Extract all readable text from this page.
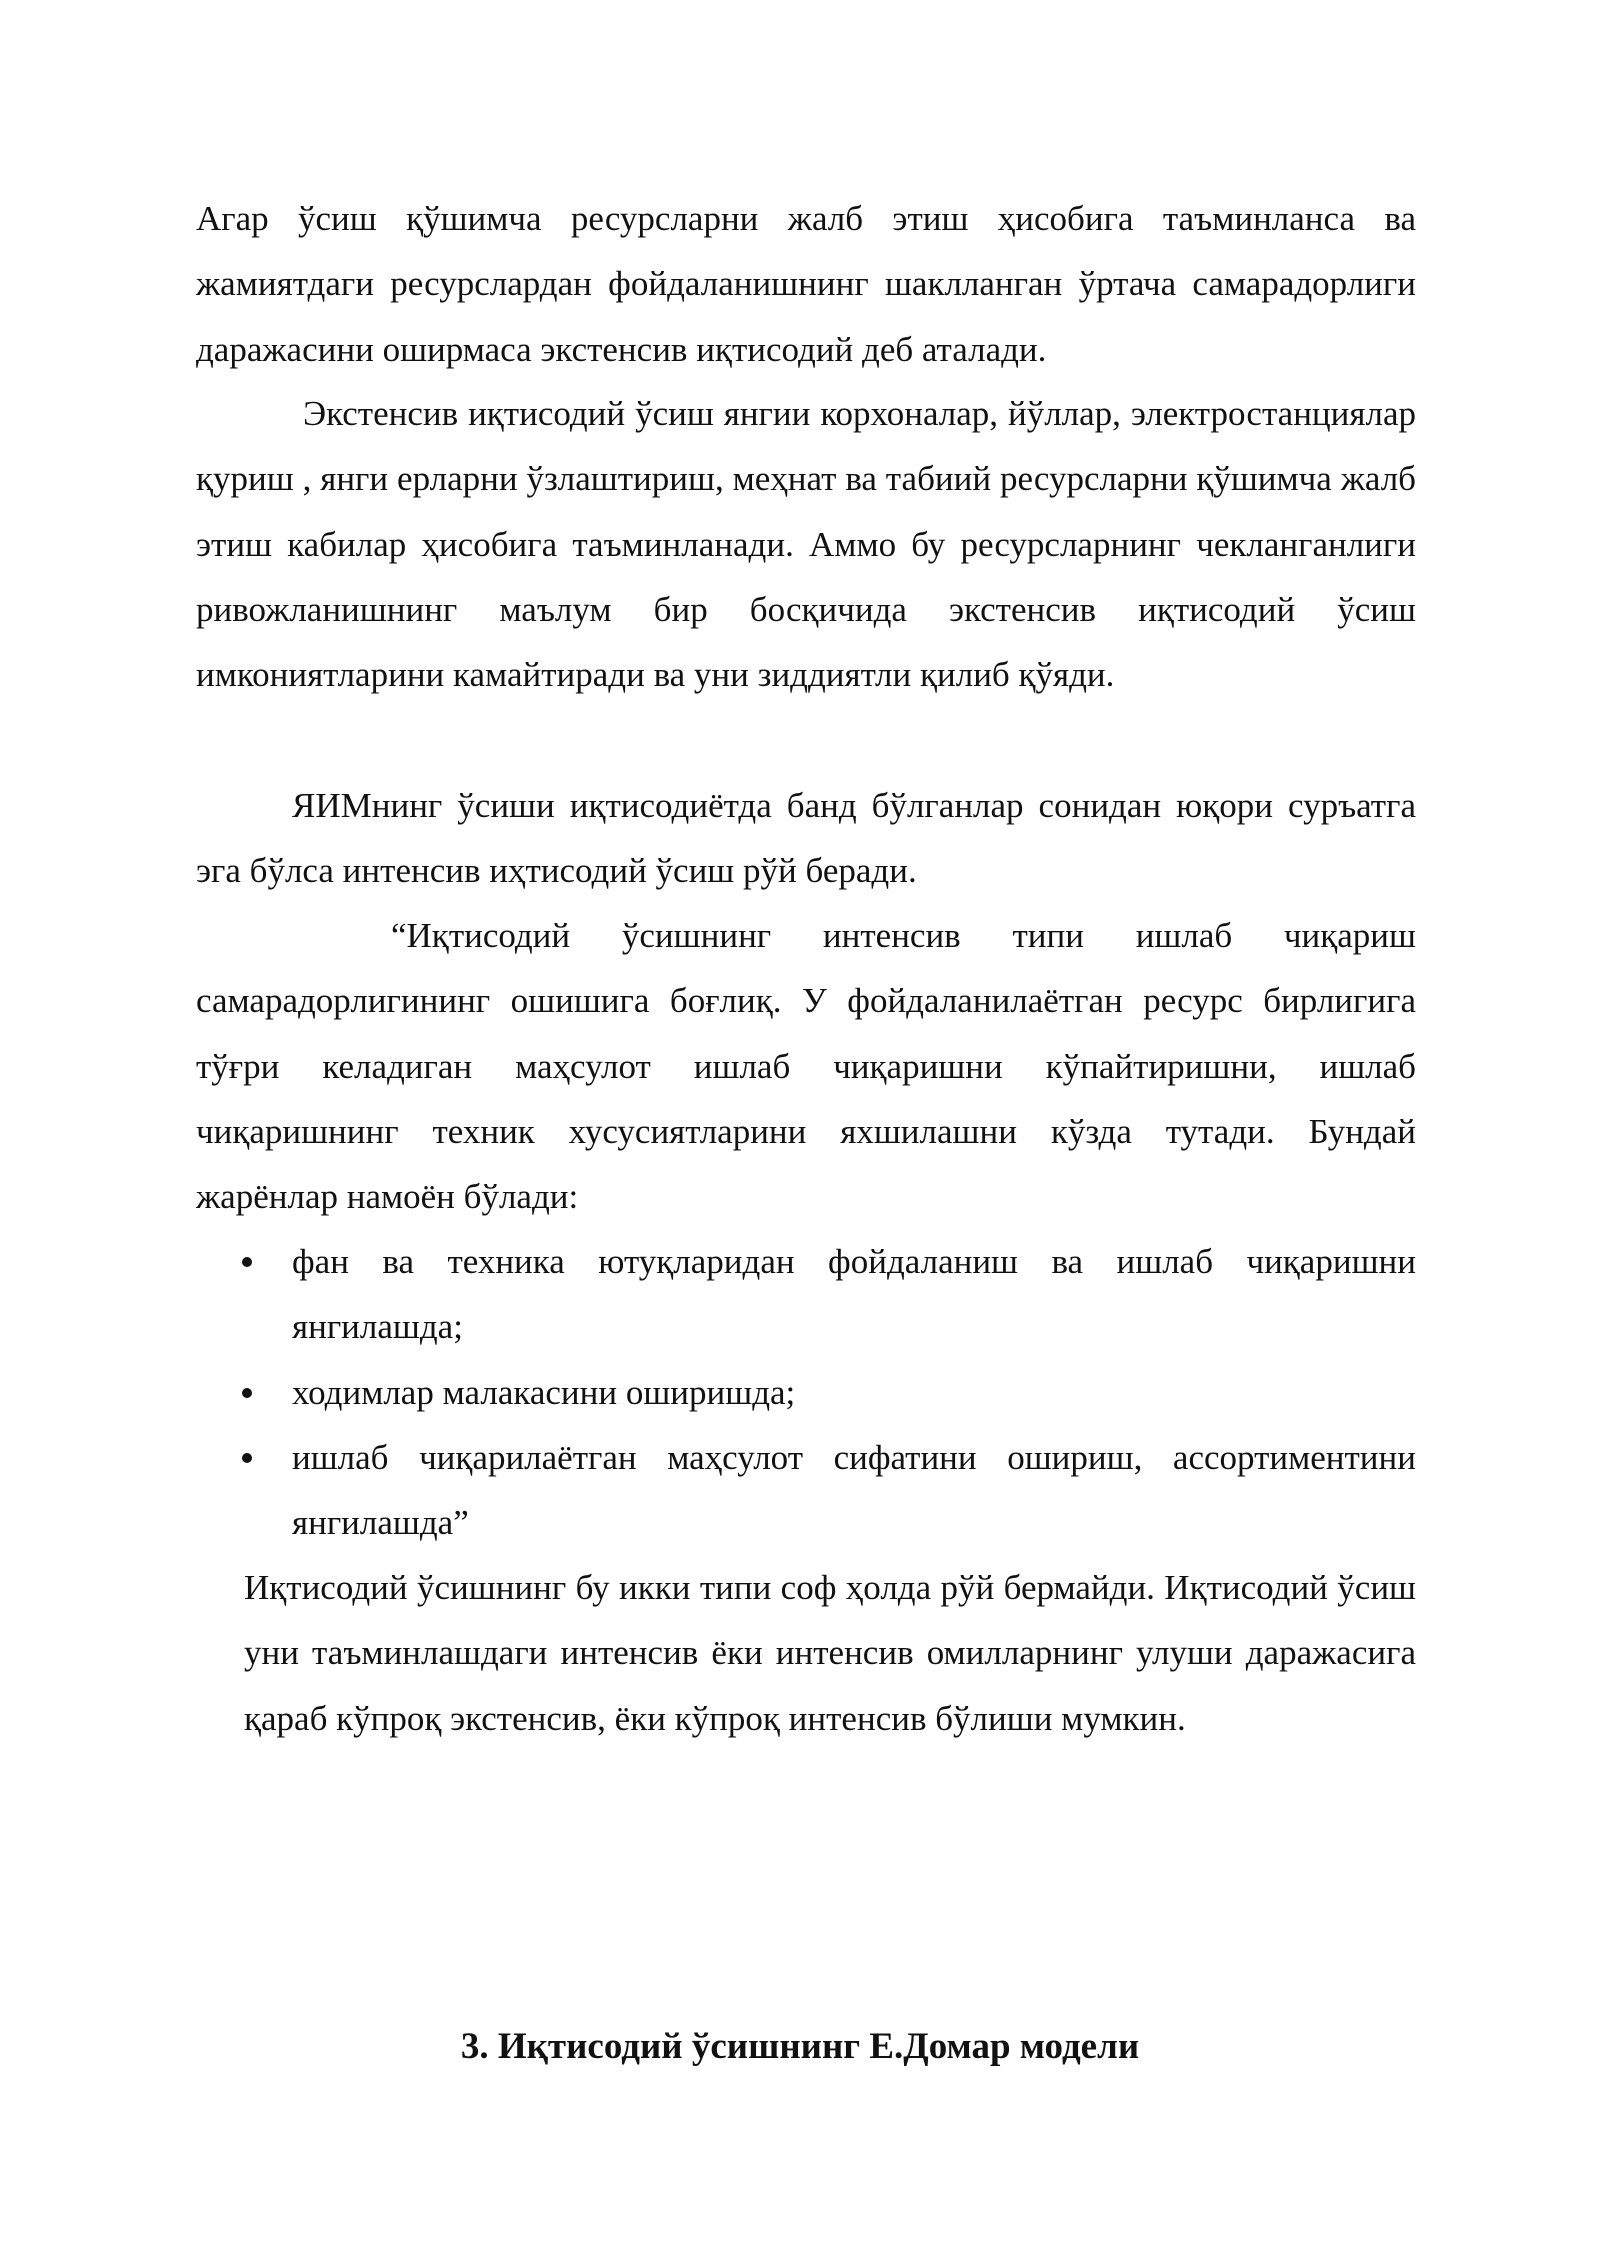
Агар ўсиш қўшимча ресурсларни жалб этиш ҳисобига таъминланса ва жамиятдаги ресурслардан фойдаланишнинг шаклланган ўртача самарадорлиги даражасини оширмаса экстенсив иқтисодий деб аталади.

Экстенсив иқтисодий ўсиш янгии корхоналар, йўллар, электростанциялар қуриш , янги ерларни ўзлаштириш, меҳнат ва табиий ресурсларни қўшимча жалб этиш кабилар ҳисобига таъминланади. Аммо бу ресурсларнинг чекланганлиги ривожланишнинг маълум бир босқичида экстенсив иқтисодий ўсиш имкониятларини камайтиради ва уни зиддиятли қилиб қўяди.

ЯИМнинг ўсиши иқтисодиётда банд бўлганлар сонидан юқори суръатга эга бўлса интенсив иҳтисодий ўсиш рўй беради.

“Иқтисодий ўсишнинг интенсив типи ишлаб чиқариш самарадорлигининг ошишига боғлиқ. У фойдаланилаётган ресурс бирлигига тўғри келадиган маҳсулот ишлаб чиқаришни кўпайтиришни, ишлаб чиқаришнинг техник хусусиятларини яхшилашни кўзда тутади. Бундай жарёнлар намоён бўлади:

фан ва техника ютуқларидан фойдаланиш ва ишлаб чиқаришни янгилашда;
ходимлар малакасини оширишда;
ишлаб чиқарилаётган маҳсулот сифатини ошириш, ассортиментини янгилашда”

Иқтисодий ўсишнинг бу икки типи соф ҳолда рўй бермайди. Иқтисодий ўсиш уни таъминлашдаги интенсив ёки интенсив омилларнинг улуши даражасига қараб кўпроқ экстенсив, ёки кўпроқ интенсив бўлиши мумкин.

3. Иқтисодий ўсишнинг Е.Домар модели
